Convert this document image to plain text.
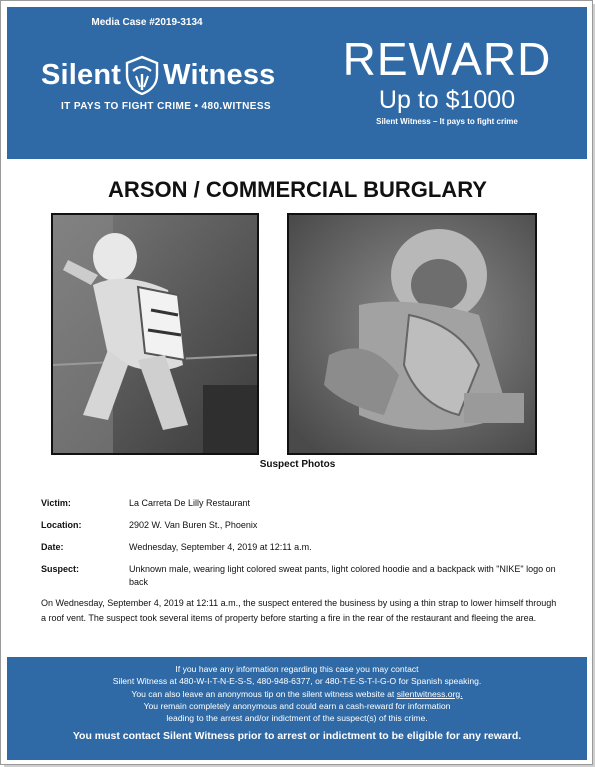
Media Case #2019-3134
Silent Witness
IT PAYS TO FIGHT CRIME • 480.WITNESS
REWARD
Up to $1000
Silent Witness – It pays to fight crime
ARSON / COMMERCIAL BURGLARY
Suspect Photos
Victim:	La Carreta De Lilly Restaurant
Location:	2902 W. Van Buren St., Phoenix
Date:	Wednesday, September 4, 2019 at 12:11 a.m.
Suspect:	Unknown male, wearing light colored sweat pants, light colored hoodie and a backpack with "NIKE" logo on back
On Wednesday, September 4, 2019 at 12:11 a.m., the suspect entered the business by using a thin strap to lower himself through a roof vent. The suspect took several items of property before starting a fire in the rear of the restaurant and fleeing the area.
If you have any information regarding this case you may contact
Silent Witness at 480-W-I-T-N-E-S-S, 480-948-6377, or 480-T-E-S-T-I-G-O for Spanish speaking.
You can also leave an anonymous tip on the silent witness website at silentwitness.org.
You remain completely anonymous and could earn a cash-reward for information
leading to the arrest and/or indictment of the suspect(s) of this crime.
You must contact Silent Witness prior to arrest or indictment to be eligible for any reward.
